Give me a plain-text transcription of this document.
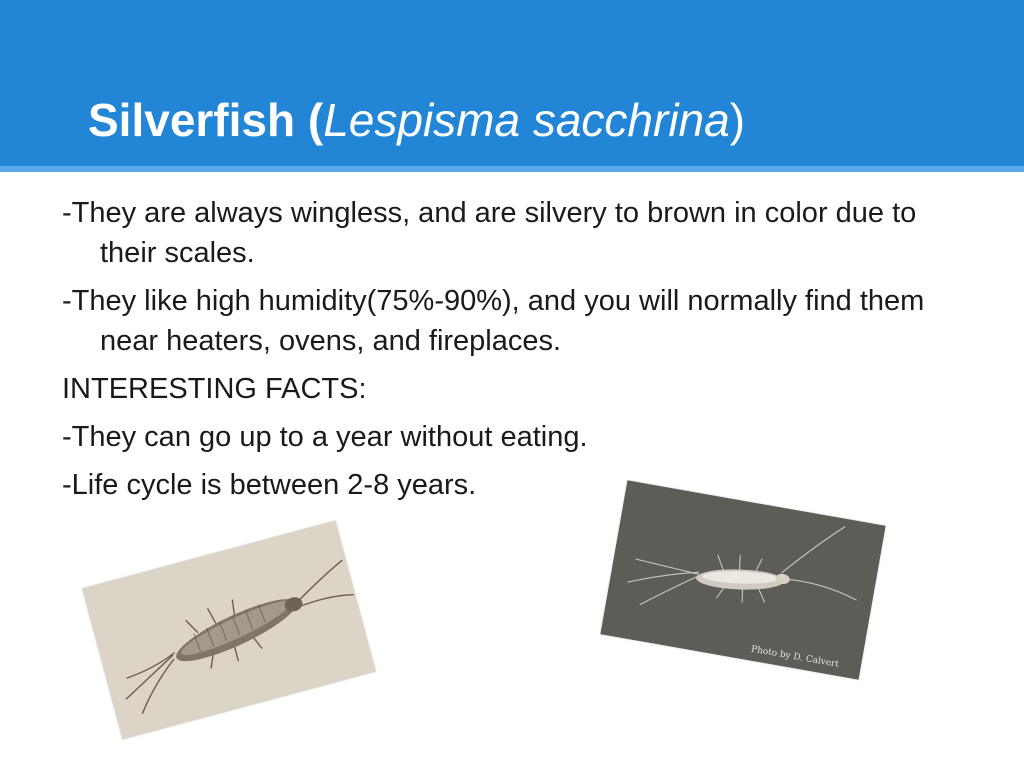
Silverfish (Lespisma sacchrina)

-They are always wingless, and are silvery to brown in color due to their scales.

-They like high humidity(75%-90%), and you will normally find them near heaters, ovens, and fireplaces.

INTERESTING FACTS:

-They can go up to a year without eating.

-Life cycle is between 2-8 years.

Photo by D. Calvert
